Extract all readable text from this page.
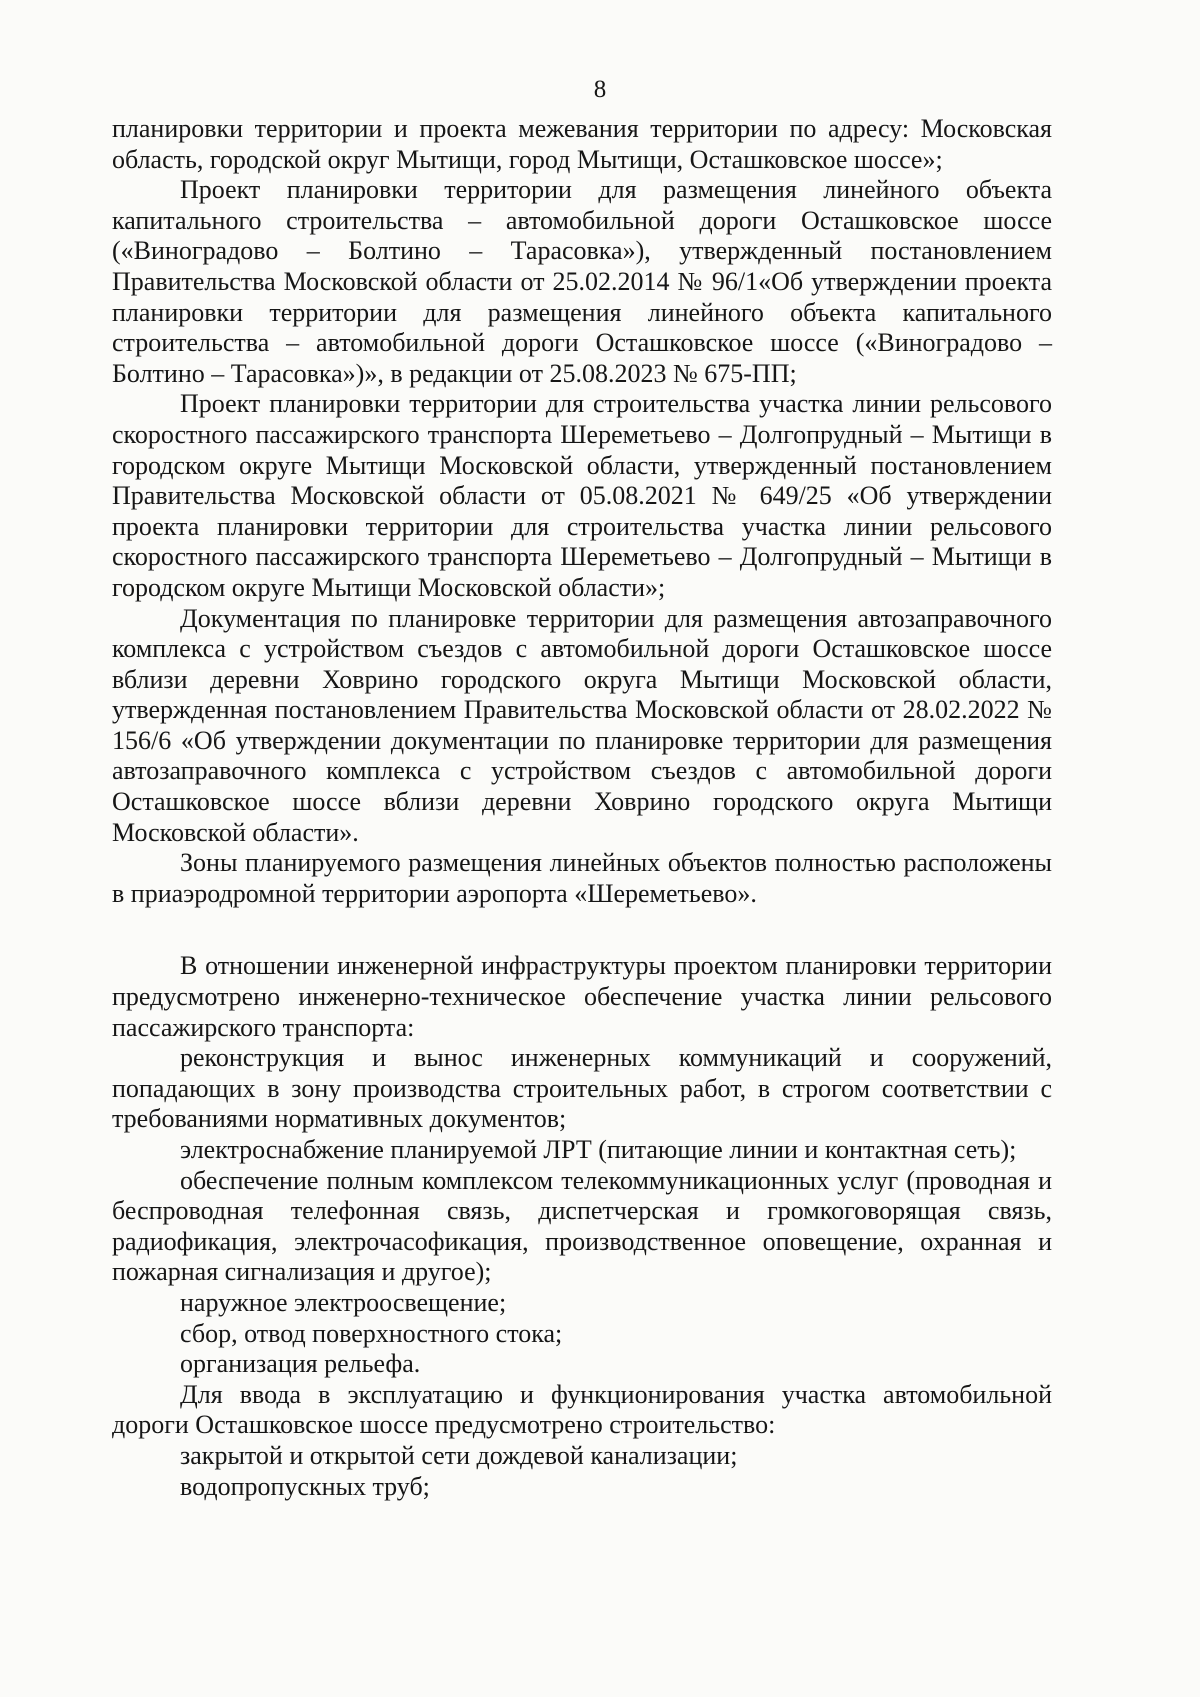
8

планировки территории и проекта межевания территории по адресу: Московская область, городской округ Мытищи, город Мытищи, Осташковское шоссе»;

Проект планировки территории для размещения линейного объекта капитального строительства – автомобильной дороги Осташковское шоссе («Виноградово – Болтино – Тарасовка»), утвержденный постановлением Правительства Московской области от 25.02.2014 № 96/1«Об утверждении проекта планировки территории для размещения линейного объекта капитального строительства – автомобильной дороги Осташковское шоссе («Виноградово – Болтино – Тарасовка»)», в редакции от 25.08.2023 № 675-ПП;

Проект планировки территории для строительства участка линии рельсового скоростного пассажирского транспорта Шереметьево – Долгопрудный – Мытищи в городском округе Мытищи Московской области, утвержденный постановлением Правительства Московской области от 05.08.2021 № 649/25 «Об утверждении проекта планировки территории для строительства участка линии рельсового скоростного пассажирского транспорта Шереметьево – Долгопрудный – Мытищи в городском округе Мытищи Московской области»;

Документация по планировке территории для размещения автозаправочного комплекса с устройством съездов с автомобильной дороги Осташковское шоссе вблизи деревни Ховрино городского округа Мытищи Московской области, утвержденная постановлением Правительства Московской области от 28.02.2022 № 156/6 «Об утверждении документации по планировке территории для размещения автозаправочного комплекса с устройством съездов с автомобильной дороги Осташковское шоссе вблизи деревни Ховрино городского округа Мытищи Московской области».

Зоны планируемого размещения линейных объектов полностью расположены в приаэродромной территории аэропорта «Шереметьево».

В отношении инженерной инфраструктуры проектом планировки территории предусмотрено инженерно-техническое обеспечение участка линии рельсового пассажирского транспорта:

реконструкция и вынос инженерных коммуникаций и сооружений, попадающих в зону производства строительных работ, в строгом соответствии с требованиями нормативных документов;

электроснабжение планируемой ЛРТ (питающие линии и контактная сеть);

обеспечение полным комплексом телекоммуникационных услуг (проводная и беспроводная телефонная связь, диспетчерская и громкоговорящая связь, радиофикация, электрочасофикация, производственное оповещение, охранная и пожарная сигнализация и другое);

наружное электроосвещение;

сбор, отвод поверхностного стока;

организация рельефа.

Для ввода в эксплуатацию и функционирования участка автомобильной дороги Осташковское шоссе предусмотрено строительство:

закрытой и открытой сети дождевой канализации;

водопропускных труб;
